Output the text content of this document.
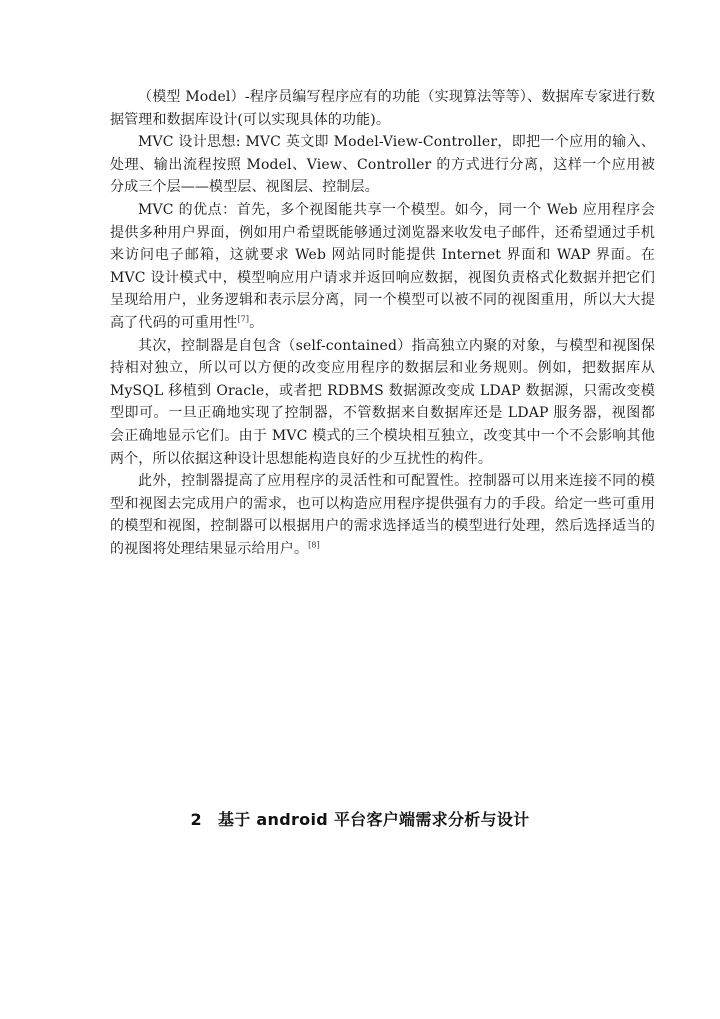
（模型 Model）-程序员编写程序应有的功能（实现算法等等）、数据库专家进行数据管理和数据库设计(可以实现具体的功能)。

MVC 设计思想: MVC 英文即 Model-View-Controller，即把一个应用的输入、处理、输出流程按照 Model、View、Controller 的方式进行分离，这样一个应用被分成三个层——模型层、视图层、控制层。

MVC 的优点：首先，多个视图能共享一个模型。如今，同一个 Web 应用程序会提供多种用户界面，例如用户希望既能够通过浏览器来收发电子邮件，还希望通过手机来访问电子邮箱，这就要求 Web 网站同时能提供 Internet 界面和 WAP 界面。在 MVC 设计模式中，模型响应用户请求并返回响应数据，视图负责格式化数据并把它们呈现给用户，业务逻辑和表示层分离，同一个模型可以被不同的视图重用，所以大大提高了代码的可重用性[7]。

其次，控制器是自包含（self-contained）指高独立内聚的对象，与模型和视图保持相对独立，所以可以方便的改变应用程序的数据层和业务规则。例如，把数据库从 MySQL 移植到 Oracle，或者把 RDBMS 数据源改变成 LDAP 数据源，只需改变模型即可。一旦正确地实现了控制器，不管数据来自数据库还是 LDAP 服务器，视图都会正确地显示它们。由于 MVC 模式的三个模块相互独立，改变其中一个不会影响其他两个，所以依据这种设计思想能构造良好的少互扰性的构件。

此外，控制器提高了应用程序的灵活性和可配置性。控制器可以用来连接不同的模型和视图去完成用户的需求，也可以构造应用程序提供强有力的手段。给定一些可重用的模型和视图，控制器可以根据用户的需求选择适当的模型进行处理，然后选择适当的的视图将处理结果显示给用户。[8]

2 基于 android 平台客户端需求分析与设计
